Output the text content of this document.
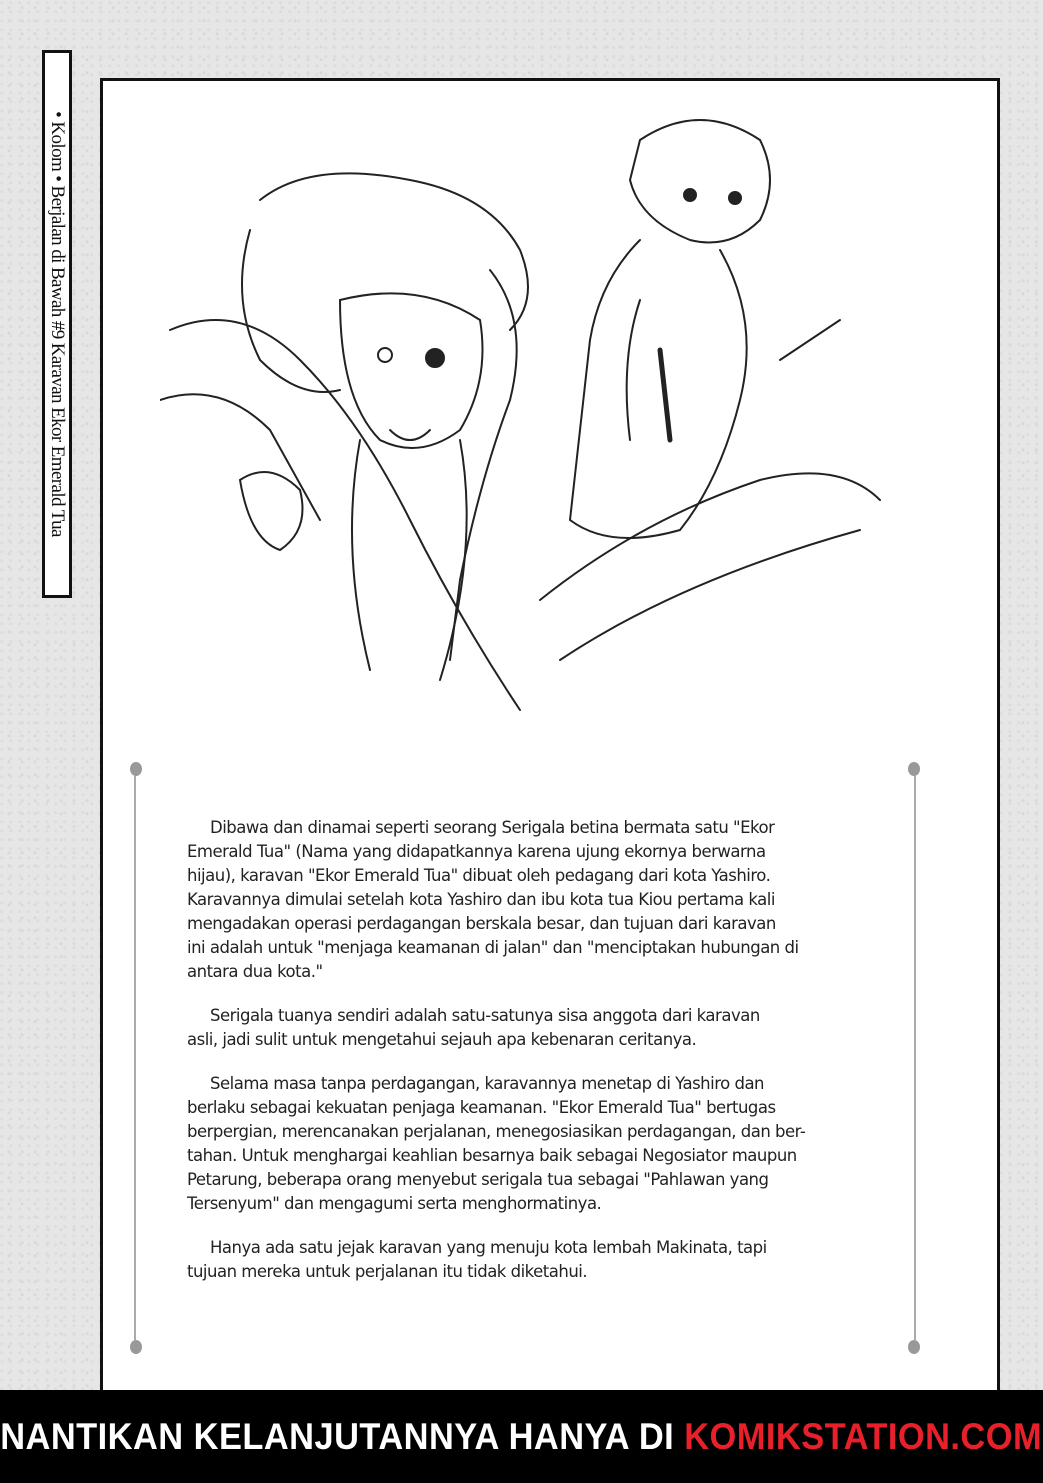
• Kolom • Berjalan di Bawah #9 Karavan Ekor Emerald Tua
Dibawa dan dinamai seperti seorang Serigala betina bermata satu "Ekor
Emerald Tua" (Nama yang didapatkannya karena ujung ekornya berwarna
hijau), karavan "Ekor Emerald Tua" dibuat oleh pedagang dari kota Yashiro.
Karavannya dimulai setelah kota Yashiro dan ibu kota tua Kiou pertama kali
mengadakan operasi perdagangan berskala besar, dan tujuan dari karavan
ini adalah untuk "menjaga keamanan di jalan" dan "menciptakan hubungan di
antara dua kota."
Serigala tuanya sendiri adalah satu-satunya sisa anggota dari karavan
asli, jadi sulit untuk mengetahui sejauh apa kebenaran ceritanya.
Selama masa tanpa perdagangan, karavannya menetap di Yashiro dan
berlaku sebagai kekuatan penjaga keamanan. "Ekor Emerald Tua" bertugas
berpergian, merencanakan perjalanan, menegosiasikan perdagangan, dan ber-
tahan. Untuk menghargai keahlian besarnya baik sebagai Negosiator maupun
Petarung, beberapa orang menyebut serigala tua sebagai "Pahlawan yang
Tersenyum" dan mengagumi serta menghormatinya.
Hanya ada satu jejak karavan yang menuju kota lembah Makinata, tapi
tujuan mereka untuk perjalanan itu tidak diketahui.
NANTIKAN KELANJUTANNYA HANYA DI KOMIKSTATION.COM
